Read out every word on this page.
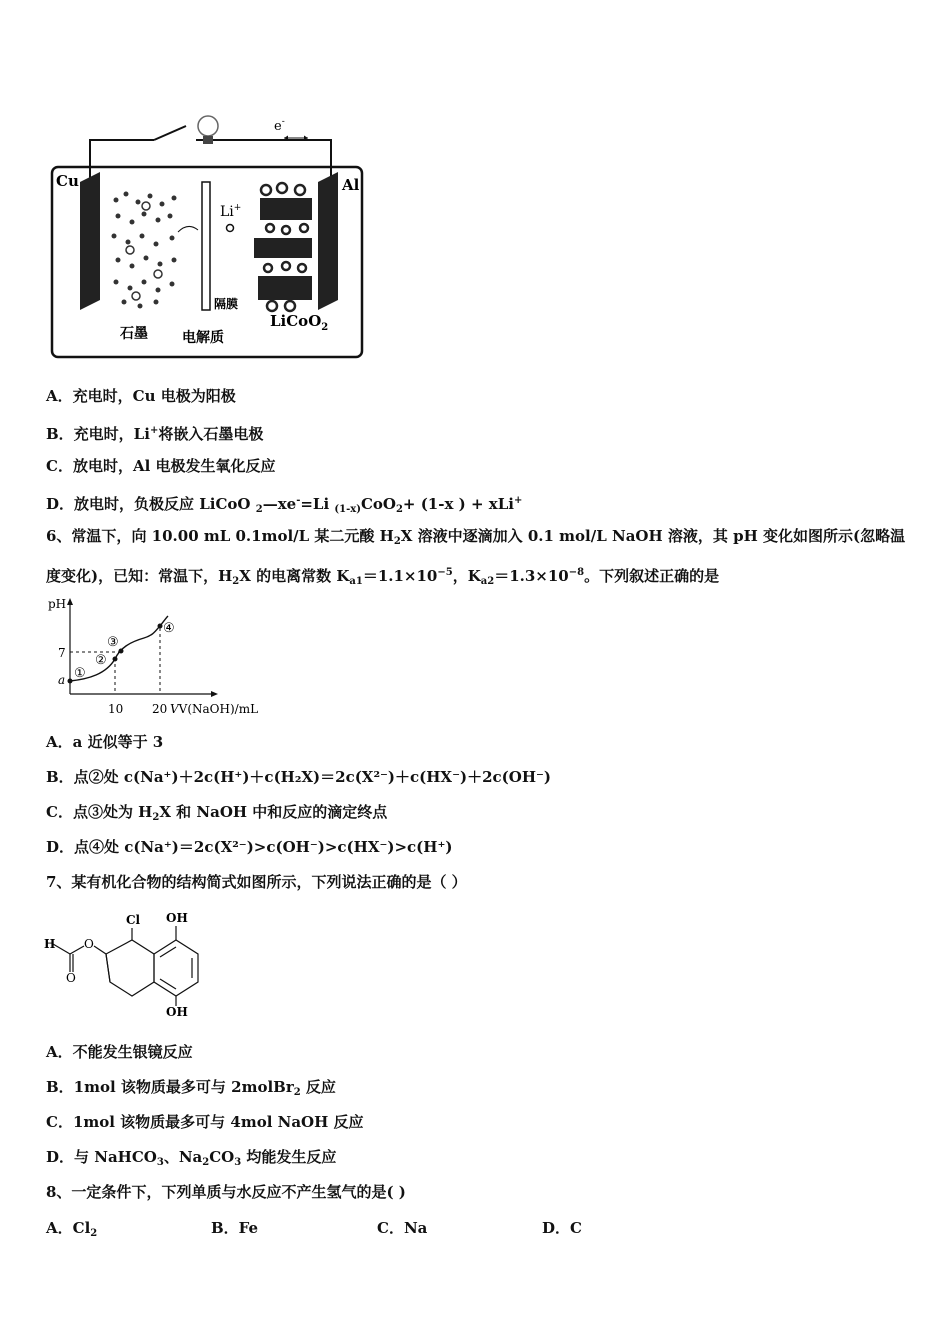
e-
Cu	Al
隔膜
Li+
石墨 电解质
LiCoO$_2$
A．充电时，Cu 电极为阳极
B．充电时，Li+将嵌入石墨电极
C．放电时，Al 电极发生氧化反应
D．放电时，负极反应 LiCoO $_2$—xe-=Li $_{(1-x)}$CoO$_2$+ (1-x ) + xLi+
6、常温下，向 10.00 mL 0.1mol/L 某二元酸 $H_2X$ 溶液中逐滴加入 0.1 mol/L NaOH 溶液，其 pH 变化如图所示(忽略温
度变化)，已知：常温下，$H_2X$ 的电离常数 $K_{a1}=1.1\times 10^{-5}$，$K_{a2}=1.3\times 10^{-8}$。下列叙述正确的是
pH
7
a
10 20 VV(NaOH)/mL
①
②
③
④
A．a 近似等于 3
B．点②处 c(Na⁺)＋2c(H⁺)＋c(H₂X)＝2c(X²⁻)＋c(HX⁻)＋2c(OH⁻)
C．点③处为 $H_2X$ 和 NaOH 中和反应的滴定终点
D．点④处 c(Na⁺)＝2c(X²⁻)>c(OH⁻)>c(HX⁻)>c(H⁺)
7、某有机化合物的结构简式如图所示，下列说法正确的是（ ）
H O
O
Cl OH
OH
A．不能发生银镜反应
B．1mol 该物质最多可与 2molBr$_2$ 反应
C．1mol 该物质最多可与 4mol NaOH 反应
D．与 NaHCO$_3$、$Na_2CO_3$ 均能发生反应
8、一定条件下，下列单质与水反应不产生氢气的是( )
A．$Cl_2$	B．Fe	C．Na	D．C
